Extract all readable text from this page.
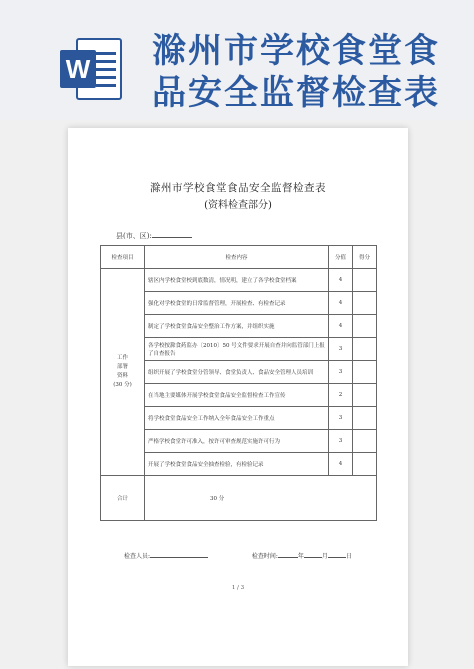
W 滁州市学校食堂食品安全监督检查表
滁州市学校食堂食品安全监督检查表
(资料检查部分)
县(市、区):
检查项目	检查内容	分值	得分

工作
部署
资料
(30 分)	辖区内学校食堂校到底数清，情况明，建立了各学校食堂档案	4	
	强化对学校食堂的日常监督管理，开展检查、有检查记录	4	
	制定了学校食堂食品安全整治工作方案，并组织实施	4	
	各学校按滁食药监办〔2010〕50 号文件要求开展自查并向监管部门上报了自查报告	3	
	组织开展了学校食堂分管领导、食堂负责人、食品安全管理人员培训	3	
	在当地主要媒体开展学校食堂食品安全监督检查工作宣传	2	
	将学校食堂食品安全工作纳入全年食品安全工作重点	3	
	严格学校食堂许可准入，按许可审查规范实施许可行为	3	
	开展了学校食堂食品安全抽查检验，有检验记录	4	
合计	30 分		
检查人员:	检查时间:	年	月	日
1 / 3
